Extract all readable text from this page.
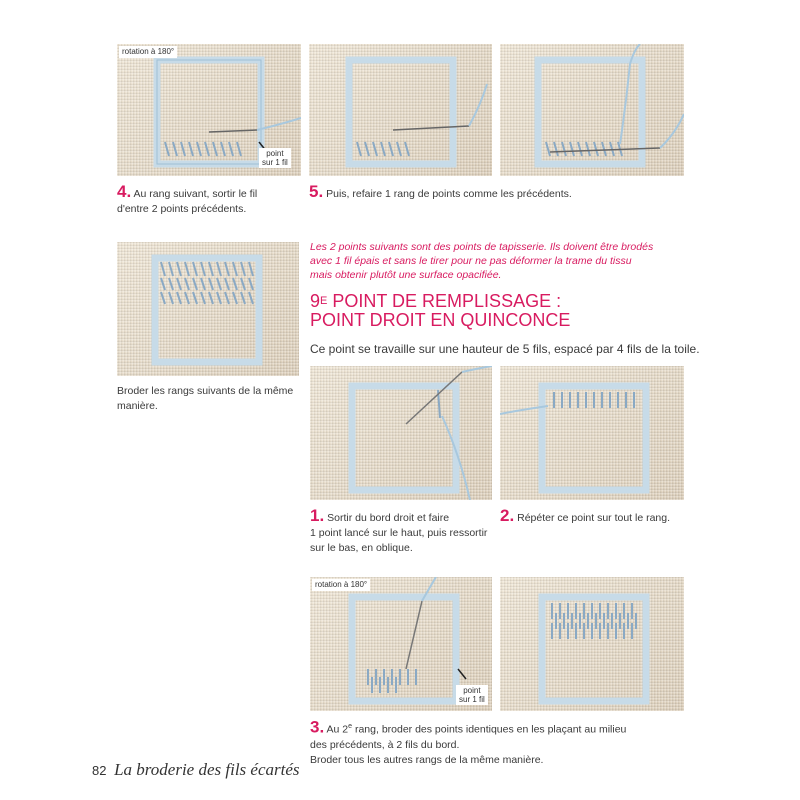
rotation à 180°
point
sur 1 fil
4. Au rang suivant, sortir le fil
d'entre 2 points précédents.
5. Puis, refaire 1 rang de points comme les précédents.
Broder les rangs suivants de la même
manière.
Les 2 points suivants sont des points de tapisserie. Ils doivent être brodés
avec 1 fil épais et sans le tirer pour ne pas déformer la trame du tissu
mais obtenir plutôt une surface opacifiée.
$9^E$ POINT DE REMPLISSAGE :
POINT DROIT EN QUINCONCE
Ce point se travaille sur une hauteur de 5 fils, espacé par 4 fils de la toile.
1. Sortir du bord droit et faire
1 point lancé sur le haut, puis ressortir
sur le bas, en oblique.
2. Répéter ce point sur tout le rang.
rotation à 180°
point
sur 1 fil
3. Au 2e rang, broder des points identiques en les plaçant au milieu
des précédents, à 2 fils du bord.
Broder tous les autres rangs de la même manière.
82 La broderie des fils écartés
